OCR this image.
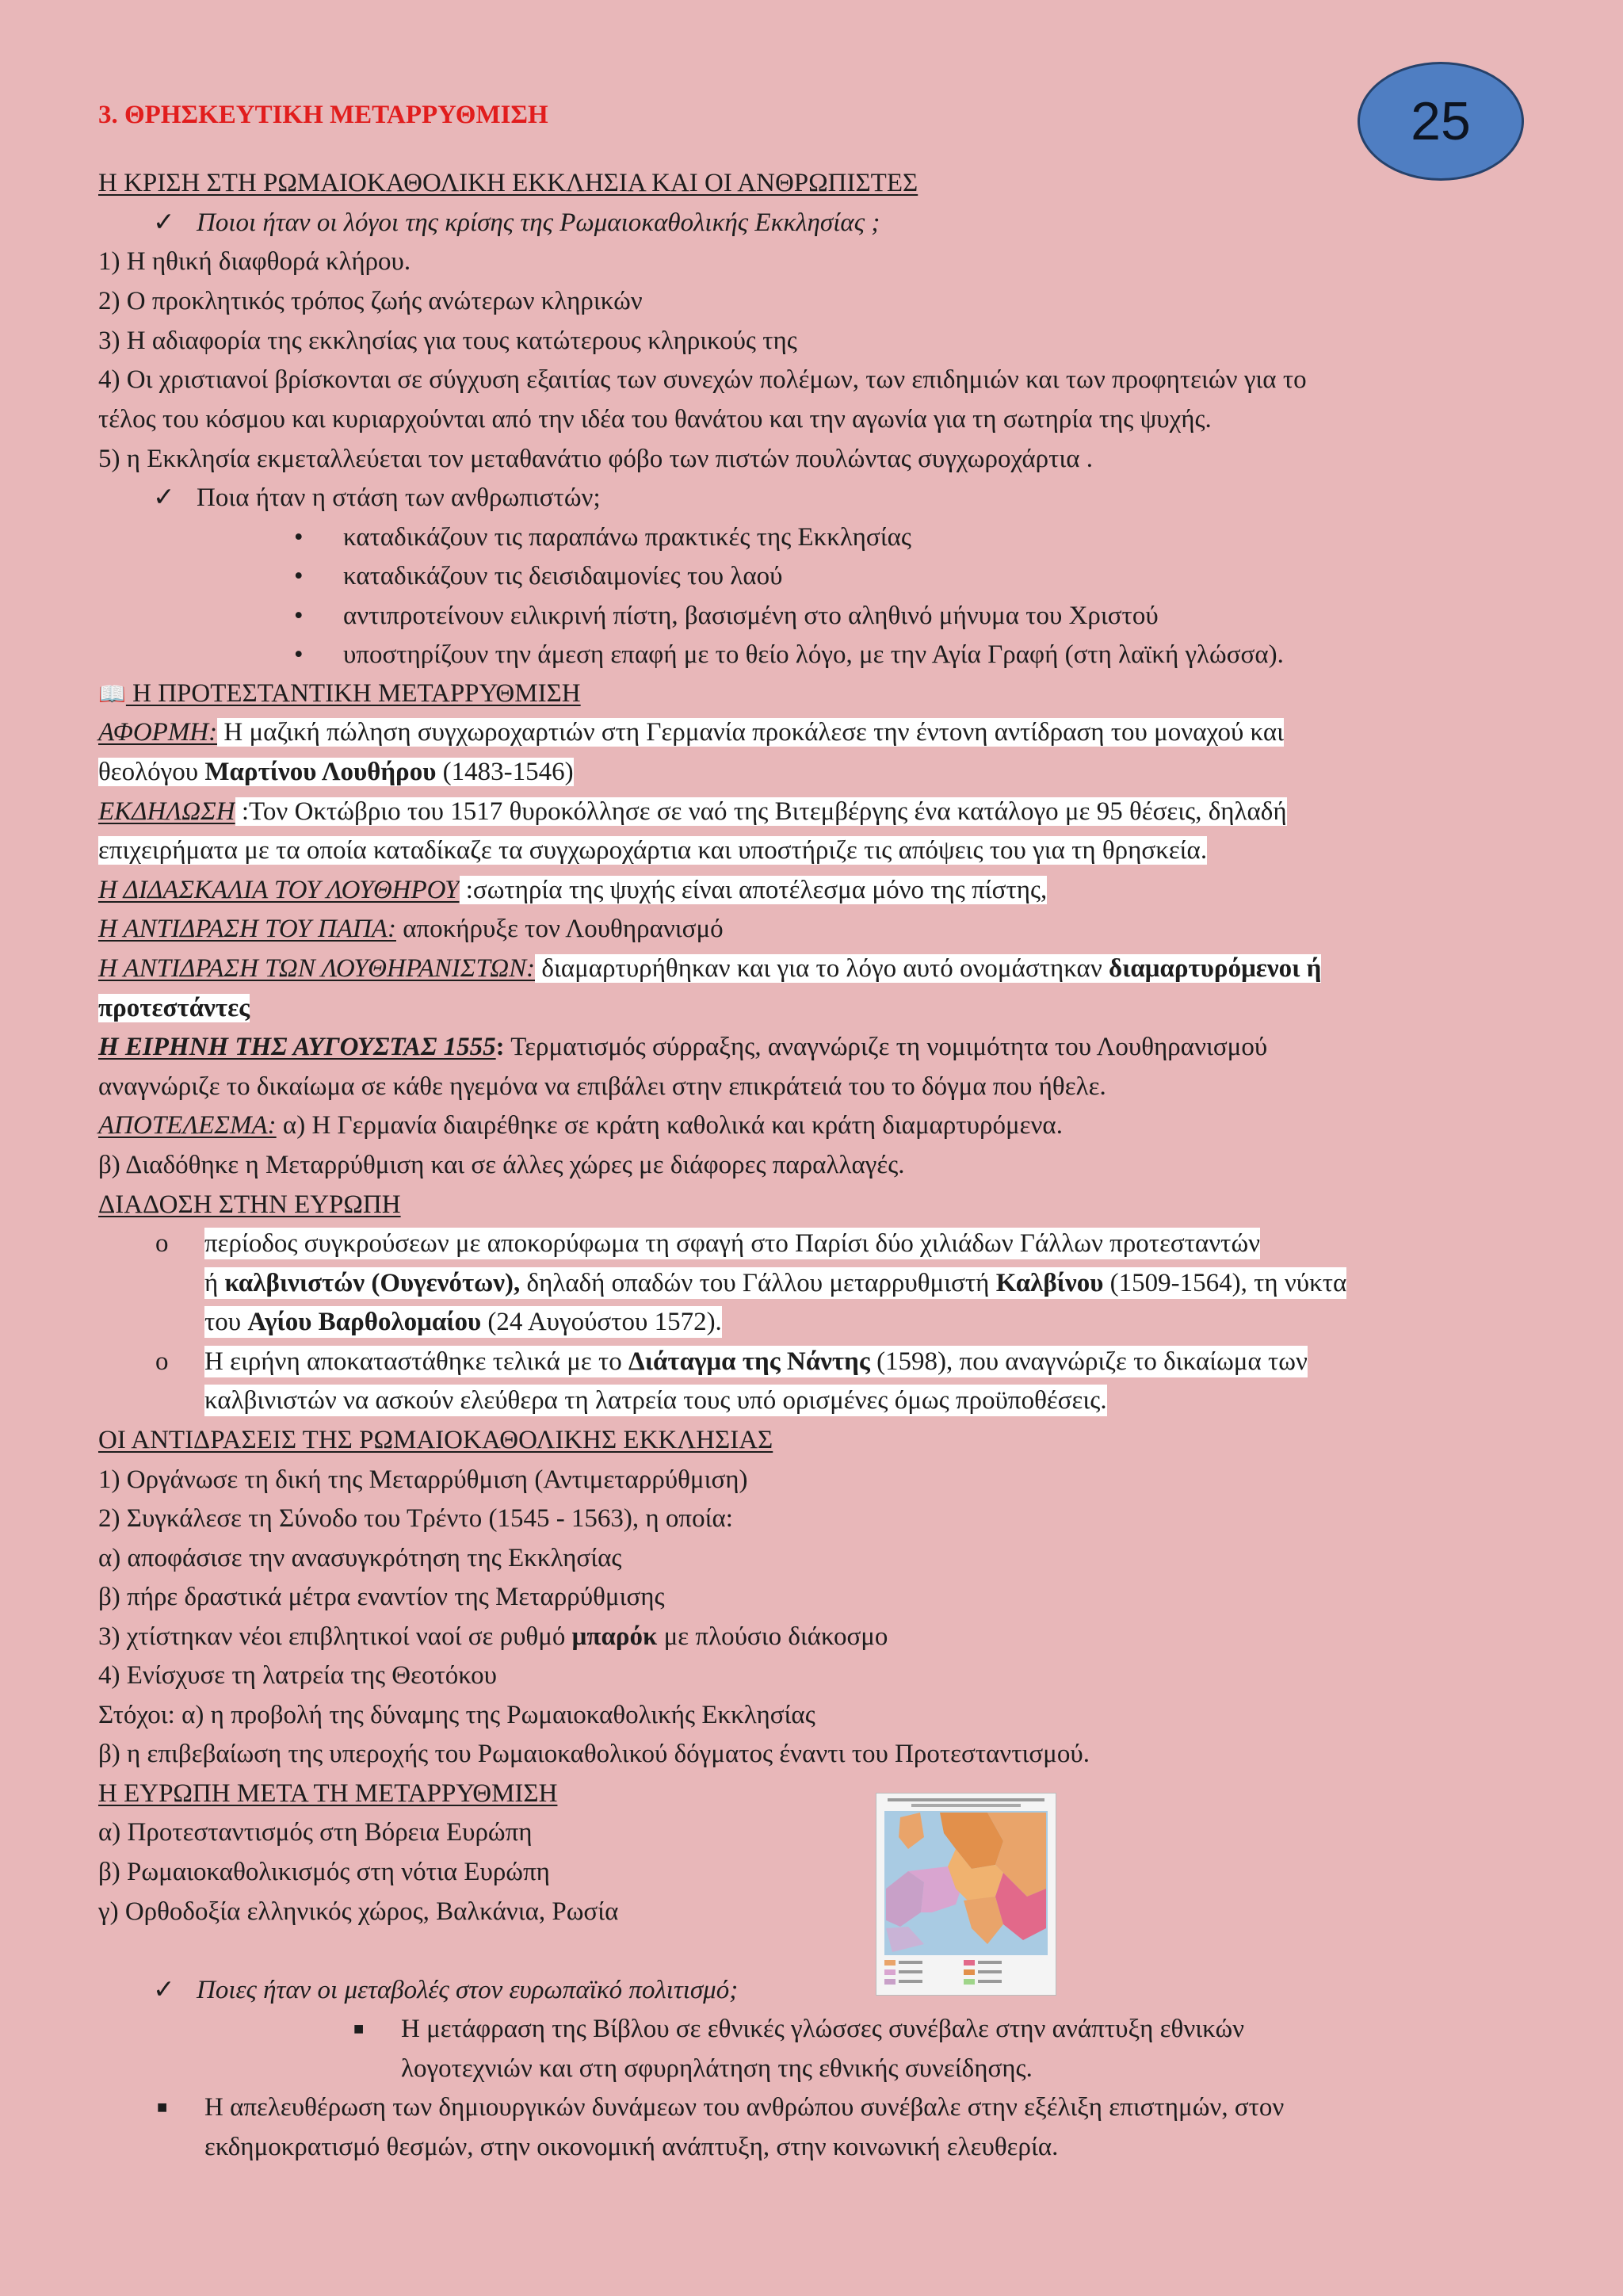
25
3. ΘΡΗΣΚΕΥΤΙΚΗ ΜΕΤΑΡΡΥΘΜΙΣΗ
Η ΚΡΙΣΗ ΣΤΗ ΡΩΜΑΙΟΚΑΘΟΛΙΚΗ ΕΚΚΛΗΣΙΑ ΚΑΙ ΟΙ ΑΝΘΡΩΠΙΣΤΕΣ
✓ Ποιοι ήταν οι λόγοι της κρίσης της Ρωμαιοκαθολικής Εκκλησίας ;
1) Η ηθική διαφθορά κλήρου.
2) Ο προκλητικός τρόπος ζωής ανώτερων κληρικών
3) Η αδιαφορία της εκκλησίας για τους κατώτερους κληρικούς της
4) Οι χριστιανοί βρίσκονται σε σύγχυση εξαιτίας των συνεχών πολέμων, των επιδημιών και των προφητειών για το
τέλος του κόσμου και κυριαρχούνται από την ιδέα του θανάτου και την αγωνία για τη σωτηρία της ψυχής.
5) η Εκκλησία εκμεταλλεύεται τον μεταθανάτιο φόβο των πιστών πουλώντας συγχωροχάρτια .
✓ Ποια ήταν η στάση των ανθρωπιστών;
• καταδικάζουν τις παραπάνω πρακτικές της Εκκλησίας
• καταδικάζουν τις δεισιδαιμονίες του λαού
• αντιπροτείνουν ειλικρινή πίστη, βασισμένη στο αληθινό μήνυμα του Χριστού
• υποστηρίζουν την άμεση επαφή με το θείο λόγο, με την Αγία Γραφή (στη λαϊκή γλώσσα).
📖 Η ΠΡΟΤΕΣΤΑΝΤΙΚΗ ΜΕΤΑΡΡΥΘΜΙΣΗ
ΑΦΟΡΜΗ: Η μαζική πώληση συγχωροχαρτιών στη Γερμανία προκάλεσε την έντονη αντίδραση του μοναχού και
θεολόγου Μαρτίνου Λουθήρου (1483-1546)
ΕΚΔΗΛΩΣΗ :Τον Οκτώβριο του 1517 θυροκόλλησε σε ναό της Βιτεμβέργης ένα κατάλογο με 95 θέσεις, δηλαδή
επιχειρήματα με τα οποία καταδίκαζε τα συγχωροχάρτια και υποστήριζε τις απόψεις του για τη θρησκεία.
Η ΔΙΔΑΣΚΑΛΙΑ ΤΟΥ ΛΟΥΘΗΡΟΥ :σωτηρία της ψυχής είναι αποτέλεσμα μόνο της πίστης,
Η ΑΝΤΙΔΡΑΣΗ ΤΟΥ ΠΑΠΑ: αποκήρυξε τον Λουθηρανισμό
Η ΑΝΤΙΔΡΑΣΗ ΤΩΝ ΛΟΥΘΗΡΑΝΙΣΤΩΝ: διαμαρτυρήθηκαν και για το λόγο αυτό ονομάστηκαν διαμαρτυρόμενοι ή
προτεστάντες
Η ΕΙΡΗΝΗ ΤΗΣ ΑΥΓΟΥΣΤΑΣ 1555: Τερματισμός σύρραξης, αναγνώριζε τη νομιμότητα του Λουθηρανισμού
αναγνώριζε το δικαίωμα σε κάθε ηγεμόνα να επιβάλει στην επικράτειά του το δόγμα που ήθελε.
ΑΠΟΤΕΛΕΣΜΑ: α) Η Γερμανία διαιρέθηκε σε κράτη καθολικά και κράτη διαμαρτυρόμενα.
β) Διαδόθηκε η Μεταρρύθμιση και σε άλλες χώρες με διάφορες παραλλαγές.
ΔΙΑΔΟΣΗ ΣΤΗΝ ΕΥΡΩΠΗ
o περίοδος συγκρούσεων με αποκορύφωμα τη σφαγή στο Παρίσι δύο χιλιάδων Γάλλων προτεσταντών
ή καλβινιστών (Ουγενότων), δηλαδή οπαδών του Γάλλου μεταρρυθμιστή Καλβίνου (1509-1564), τη νύκτα
του Αγίου Βαρθολομαίου (24 Αυγούστου 1572).
o Η ειρήνη αποκαταστάθηκε τελικά με το Διάταγμα της Νάντης (1598), που αναγνώριζε το δικαίωμα των
καλβινιστών να ασκούν ελεύθερα τη λατρεία τους υπό ορισμένες όμως προϋποθέσεις.
ΟΙ ΑΝΤΙΔΡΑΣΕΙΣ ΤΗΣ ΡΩΜΑΙΟΚΑΘΟΛΙΚΗΣ ΕΚΚΛΗΣΙΑΣ
1) Οργάνωσε τη δική της Μεταρρύθμιση (Αντιμεταρρύθμιση)
2) Συγκάλεσε τη Σύνοδο του Τρέντο (1545 - 1563), η οποία:
α) αποφάσισε την ανασυγκρότηση της Εκκλησίας
β) πήρε δραστικά μέτρα εναντίον της Μεταρρύθμισης
3) χτίστηκαν νέοι επιβλητικοί ναοί σε ρυθμό μπαρόκ με πλούσιο διάκοσμο
4) Ενίσχυσε τη λατρεία της Θεοτόκου
Στόχοι: α) η προβολή της δύναμης της Ρωμαιοκαθολικής Εκκλησίας
β) η επιβεβαίωση της υπεροχής του Ρωμαιοκαθολικού δόγματος έναντι του Προτεσταντισμού.
Η ΕΥΡΩΠΗ ΜΕΤΑ ΤΗ ΜΕΤΑΡΡΥΘΜΙΣΗ
α) Προτεσταντισμός στη Βόρεια Ευρώπη
β) Ρωμαιοκαθολικισμός στη νότια Ευρώπη
γ) Ορθοδοξία ελληνικός χώρος, Βαλκάνια, Ρωσία
✓ Ποιες ήταν οι μεταβολές στον ευρωπαϊκό πολιτισμό;
■ Η μετάφραση της Βίβλου σε εθνικές γλώσσες συνέβαλε στην ανάπτυξη εθνικών
λογοτεχνιών και στη σφυρηλάτηση της εθνικής συνείδησης.
■ Η απελευθέρωση των δημιουργικών δυνάμεων του ανθρώπου συνέβαλε στην εξέλιξη επιστημών, στον
εκδημοκρατισμό θεσμών, στην οικονομική ανάπτυξη, στην κοινωνική ελευθερία.
